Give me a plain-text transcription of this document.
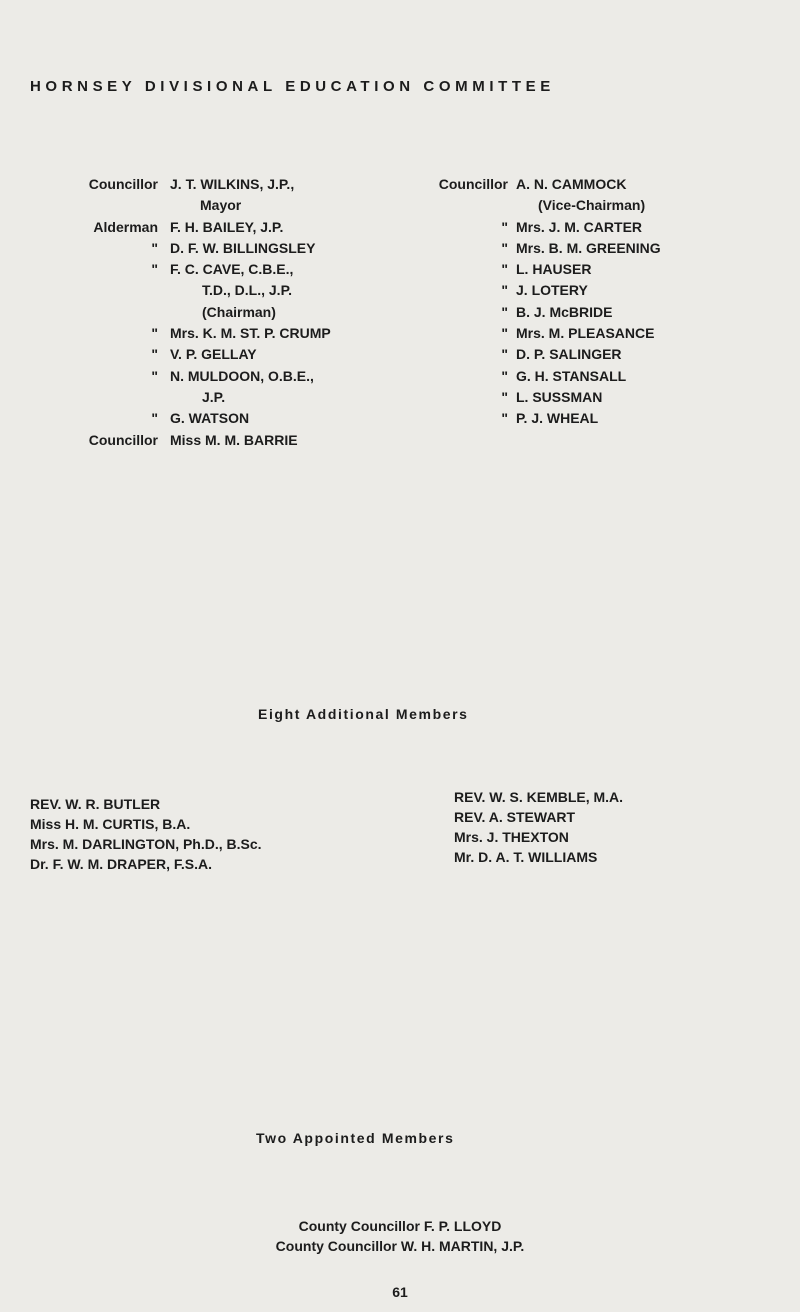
HORNSEY DIVISIONAL EDUCATION COMMITTEE
Councillor J. T. WILKINS, J.P.,
Mayor
Alderman F. H. BAILEY, J.P.
" D. F. W. BILLINGSLEY
" F. C. CAVE, C.B.E.,
T.D., D.L., J.P.
(Chairman)
" Mrs. K. M. ST. P. CRUMP
" V. P. GELLAY
" N. MULDOON, O.B.E.,
J.P.
" G. WATSON
Councillor Miss M. M. BARRIE
Councillor A. N. CAMMOCK
(Vice-Chairman)
" Mrs. J. M. CARTER
" Mrs. B. M. GREENING
" L. HAUSER
" J. LOTERY
" B. J. McBRIDE
" Mrs. M. PLEASANCE
" D. P. SALINGER
" G. H. STANSALL
" L. SUSSMAN
" P. J. WHEAL
Eight Additional Members
REV. W. R. BUTLER
Miss H. M. CURTIS, B.A.
Mrs. M. DARLINGTON, Ph.D., B.Sc.
Dr. F. W. M. DRAPER, F.S.A.
REV. W. S. KEMBLE, M.A.
REV. A. STEWART
Mrs. J. THEXTON
Mr. D. A. T. WILLIAMS
Two Appointed Members
County Councillor F. P. LLOYD
County Councillor W. H. MARTIN, J.P.
61
